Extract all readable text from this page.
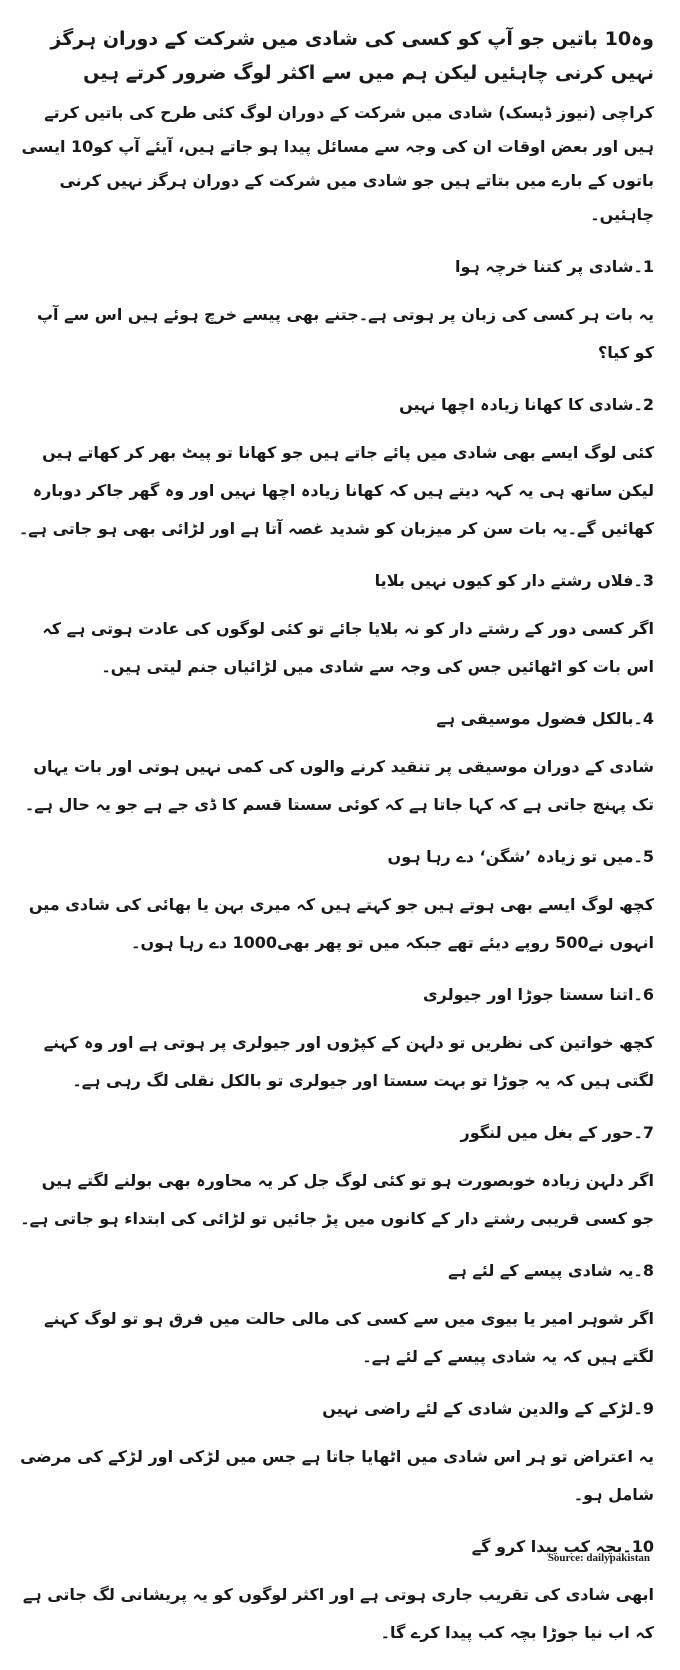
وہ10 باتیں جو آپ کو کسی کی شادی میں شرکت کے دوران ہرگز نہیں کرنی چاہئیں لیکن ہم میں سے اکثر لوگ ضرور کرتے ہیں
کراچی (نیوز ڈیسک) شادی میں شرکت کے دوران لوگ کئی طرح کی باتیں کرتے ہیں اور بعض اوقات ان کی وجہ سے مسائل پیدا ہو جاتے ہیں، آیئے آپ کو10 ایسی باتوں کے بارے میں بتاتے ہیں جو شادی میں شرکت کے دوران ہرگز نہیں کرنی چاہئیں۔
1۔شادی پر کتنا خرچہ ہوا
یہ بات ہر کسی کی زبان پر ہوتی ہے۔جتنے بھی پیسے خرچ ہوئے ہیں اس سے آپ کو کیا؟
2۔شادی کا کھانا زیادہ اچھا نہیں
کئی لوگ ایسے بھی شادی میں پائے جاتے ہیں جو کھانا تو پیٹ بھر کر کھاتے ہیں لیکن ساتھ ہی یہ کہہ دیتے ہیں کہ کھانا زیادہ اچھا نہیں اور وہ گھر جاکر دوبارہ کھائیں گے۔یہ بات سن کر میزبان کو شدید غصہ آتا ہے اور لڑائی بھی ہو جاتی ہے۔
3۔فلاں رشتے دار کو کیوں نہیں بلایا
اگر کسی دور کے رشتے دار کو نہ بلایا جائے تو کئی لوگوں کی عادت ہوتی ہے کہ اس بات کو اٹھائیں جس کی وجہ سے شادی میں لڑائیاں جنم لیتی ہیں۔
4۔بالکل فضول موسیقی ہے
شادی کے دوران موسیقی پر تنقید کرنے والوں کی کمی نہیں ہوتی اور بات یہاں تک پہنچ جاتی ہے کہ کہا جاتا ہے کہ کوئی سستا قسم کا ڈی جے ہے جو یہ حال ہے۔
5۔میں تو زیادہ ’شگن‘ دے رہا ہوں
کچھ لوگ ایسے بھی ہوتے ہیں جو کہتے ہیں کہ میری بہن یا بھائی کی شادی میں انہوں نے500 روپے دیئے تھے جبکہ میں تو پھر بھی1000 دے رہا ہوں۔
6۔اتنا سستا جوڑا اور جیولری
کچھ خواتین کی نظریں تو دلہن کے کپڑوں اور جیولری پر ہوتی ہے اور وہ کہنے لگتی ہیں کہ یہ جوڑا تو بہت سستا اور جیولری تو بالکل نقلی لگ رہی ہے۔
7۔حور کے بغل میں لنگور
اگر دلہن زیادہ خوبصورت ہو تو کئی لوگ جل کر یہ محاورہ بھی بولنے لگتے ہیں جو کسی قریبی رشتے دار کے کانوں میں پڑ جائیں تو لڑائی کی ابتداء ہو جاتی ہے۔
8۔یہ شادی پیسے کے لئے ہے
اگر شوہر امیر یا بیوی میں سے کسی کی مالی حالت میں فرق ہو تو لوگ کہنے لگتے ہیں کہ یہ شادی پیسے کے لئے ہے۔
9۔لڑکے کے والدین شادی کے لئے راضی نہیں
یہ اعتراض تو ہر اس شادی میں اٹھایا جاتا ہے جس میں لڑکی اور لڑکے کی مرضی شامل ہو۔
10۔بچہ کب پیدا کرو گے
ابھی شادی کی تقریب جاری ہوتی ہے اور اکثر لوگوں کو یہ پریشانی لگ جاتی ہے کہ اب نیا جوڑا بچہ کب پیدا کرے گا۔
Source: dailypakistan
